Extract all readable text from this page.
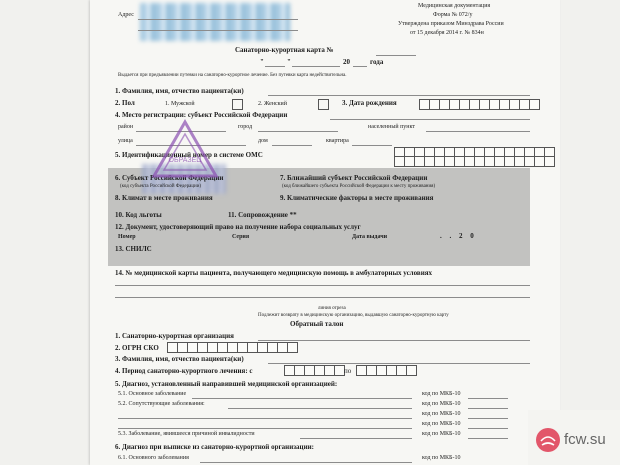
Адрес
Медицинская документация
Форма № 072/у
Утверждена приказом Минздрава России
от 15 декабря 2014 г. № 834н
Санаторно-курортная карта №
"	"	20	года
Выдается при предъявлении путевки на санаторно-курортное лечение. Без путевки карта недействительна.
1. Фамилия, имя, отчество пациента(ки)
2. Пол	1. Мужской	2. Женский	3. Дата рождения
4. Место регистрации: субъект Российской Федерации
район	город	населенный пункт
улица	дом	квартира
5. Идентификационный номер в системе ОМС
6. Субъект Российской Федерации
(код субъекта Российской Федерации)
7. Ближайший субъект Российской Федерации
(код ближайшего субъекта Российской Федерации к месту проживания)
8. Климат в месте проживания	9. Климатические факторы в месте проживания
10. Код льготы	11. Сопровождение **
12. Документ, удостоверяющий право на получение набора социальных услуг
Номер	Серия	Дата выдачи	. . 2 0
13. СНИЛС
14. № медицинской карты пациента, получающего медицинскую помощь в амбулаторных условиях
линия отреза
Подлежит возврату в медицинскую организацию, выдавшую санаторно-курортную карту
Обратный талон
1. Санаторно-курортная организация
2. ОГРН СКО
3. Фамилия, имя, отчество пациента(ки)
4. Период санаторно-курортного лечения: с	по
5. Диагноз, установленный направившей медицинской организацией:
5.1. Основное заболевание	код по МКБ-10
5.2. Сопутствующие заболевания:	код по МКБ-10
код по МКБ-10
код по МКБ-10
5.3. Заболевание, явившееся причиной инвалидности	код по МКБ-10
6. Диагноз при выписке из санаторно-курортной организации:
6.1. Основного заболевания	код по МКБ-10
ОБРАЗЕЦ
fcw.su
